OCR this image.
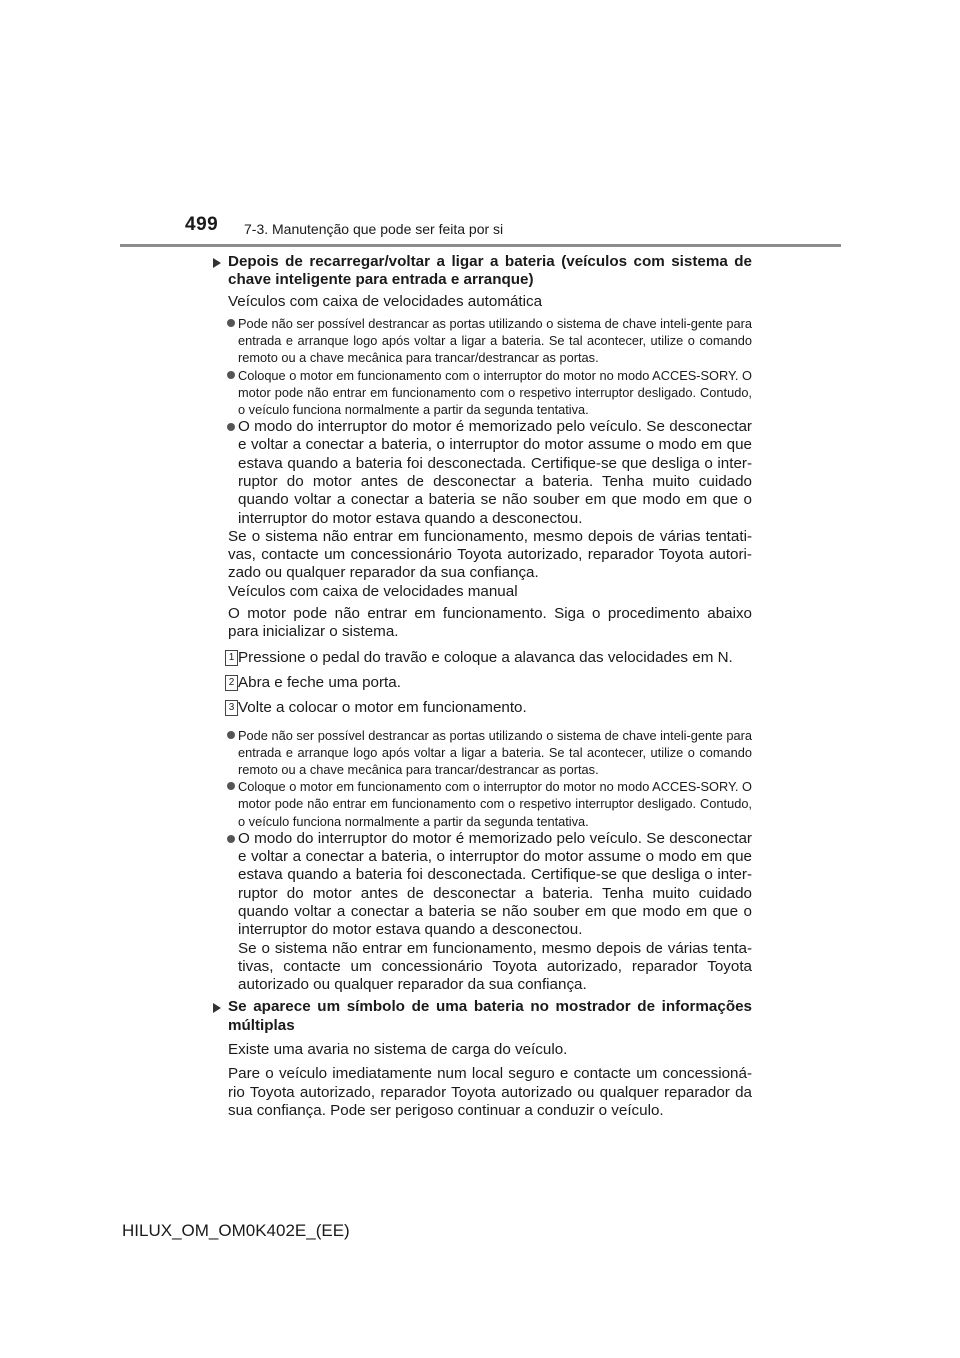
499 7-3. Manutenção que pode ser feita por si
Depois de recarregar/voltar a ligar a bateria (veículos com sistema de chave inteligente para entrada e arranque)
Veículos com caixa de velocidades automática
Pode não ser possível destrancar as portas utilizando o sistema de chave inteli-gente para entrada e arranque logo após voltar a ligar a bateria. Se tal acontecer, utilize o comando remoto ou a chave mecânica para trancar/destrancar as portas.
Coloque o motor em funcionamento com o interruptor do motor no modo ACCES-SORY. O motor pode não entrar em funcionamento com o respetivo interruptor desligado. Contudo, o veículo funciona normalmente a partir da segunda tentativa.
O modo do interruptor do motor é memorizado pelo veículo. Se desconectar e voltar a conectar a bateria, o interruptor do motor assume o modo em que estava quando a bateria foi desconectada. Certifique-se que desliga o inter-ruptor do motor antes de desconectar a bateria. Tenha muito cuidado quando voltar a conectar a bateria se não souber em que modo em que o interruptor do motor estava quando a desconectou.
Se o sistema não entrar em funcionamento, mesmo depois de várias tentati-vas, contacte um concessionário Toyota autorizado, reparador Toyota autori-zado ou qualquer reparador da sua confiança.
Veículos com caixa de velocidades manual
O motor pode não entrar em funcionamento. Siga o procedimento abaixo para inicializar o sistema.
1 Pressione o pedal do travão e coloque a alavanca das velocidades em N.
2 Abra e feche uma porta.
3 Volte a colocar o motor em funcionamento.
Pode não ser possível destrancar as portas utilizando o sistema de chave inteli-gente para entrada e arranque logo após voltar a ligar a bateria. Se tal acontecer, utilize o comando remoto ou a chave mecânica para trancar/destrancar as portas.
Coloque o motor em funcionamento com o interruptor do motor no modo ACCES-SORY. O motor pode não entrar em funcionamento com o respetivo interruptor desligado. Contudo, o veículo funciona normalmente a partir da segunda tentativa.
O modo do interruptor do motor é memorizado pelo veículo. Se desconectar e voltar a conectar a bateria, o interruptor do motor assume o modo em que estava quando a bateria foi desconectada. Certifique-se que desliga o inter-ruptor do motor antes de desconectar a bateria. Tenha muito cuidado quando voltar a conectar a bateria se não souber em que modo em que o interruptor do motor estava quando a desconectou.
Se o sistema não entrar em funcionamento, mesmo depois de várias tenta-tivas, contacte um concessionário Toyota autorizado, reparador Toyota autorizado ou qualquer reparador da sua confiança.
Se aparece um símbolo de uma bateria no mostrador de informações múltiplas
Existe uma avaria no sistema de carga do veículo.
Pare o veículo imediatamente num local seguro e contacte um concessioná-rio Toyota autorizado, reparador Toyota autorizado ou qualquer reparador da sua confiança. Pode ser perigoso continuar a conduzir o veículo.
HILUX_OM_OM0K402E_(EE)
